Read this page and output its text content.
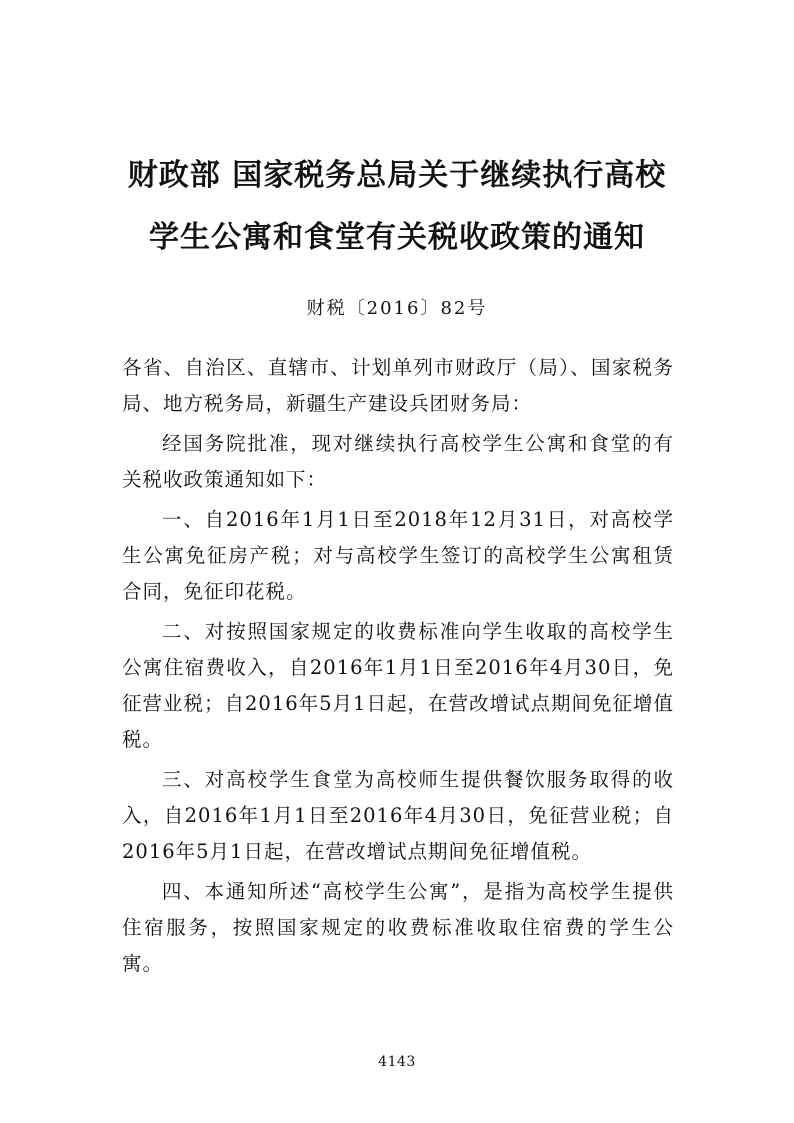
财政部 国家税务总局关于继续执行高校
学生公寓和食堂有关税收政策的通知
财税〔2016〕82号

各省、自治区、直辖市、计划单列市财政厅（局）、国家税务局、地方税务局，新疆生产建设兵团财务局：

经国务院批准，现对继续执行高校学生公寓和食堂的有关税收政策通知如下：

一、自2016年1月1日至2018年12月31日，对高校学生公寓免征房产税；对与高校学生签订的高校学生公寓租赁合同，免征印花税。

二、对按照国家规定的收费标准向学生收取的高校学生公寓住宿费收入，自2016年1月1日至2016年4月30日，免征营业税；自2016年5月1日起，在营改增试点期间免征增值税。

三、对高校学生食堂为高校师生提供餐饮服务取得的收入，自2016年1月1日至2016年4月30日，免征营业税；自2016年5月1日起，在营改增试点期间免征增值税。

四、本通知所述“高校学生公寓”，是指为高校学生提供住宿服务，按照国家规定的收费标准收取住宿费的学生公寓。

4143
